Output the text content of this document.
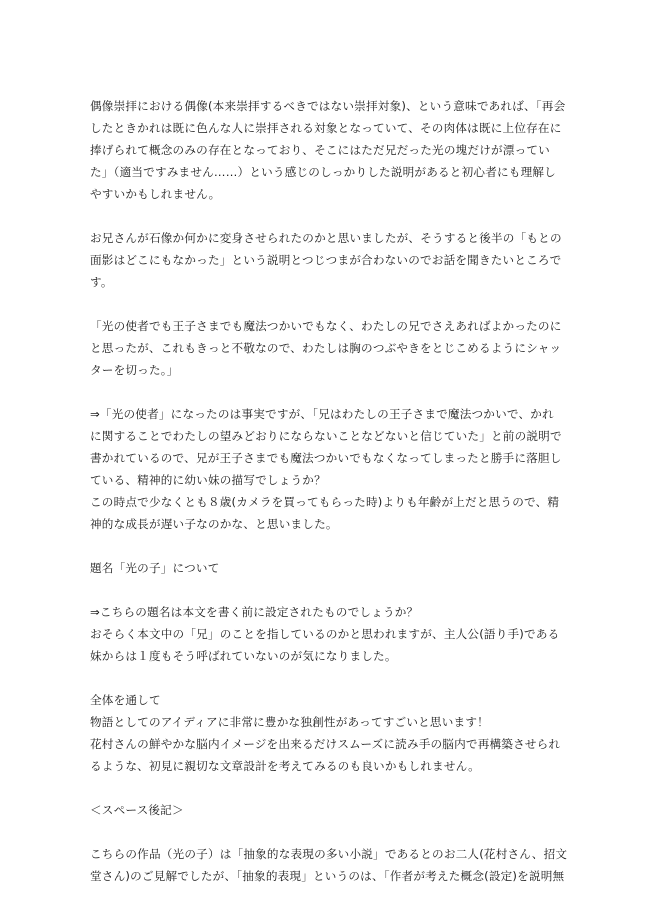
偶像崇拝における偶像(本来崇拝するべきではない崇拝対象)、という意味であれば、「再会
したときかれは既に色んな人に崇拝される対象となっていて、その肉体は既に上位存在に
捧げられて概念のみの存在となっており、そこにはただ兄だった光の塊だけが漂ってい
た」（適当ですみません……）という感じのしっかりした説明があると初心者にも理解し
やすいかもしれません。
お兄さんが石像か何かに変身させられたのかと思いましたが、そうすると後半の「もとの
面影はどこにもなかった」という説明とつじつまが合わないのでお話を聞きたいところで
す。
「光の使者でも王子さまでも魔法つかいでもなく、わたしの兄でさえあればよかったのに
と思ったが、これもきっと不敬なので、わたしは胸のつぶやきをとじこめるようにシャッ
ターを切った。」
⇒「光の使者」になったのは事実ですが、「兄はわたしの王子さまで魔法つかいで、かれ
に関することでわたしの望みどおりにならないことなどないと信じていた」と前の説明で
書かれているので、兄が王子さまでも魔法つかいでもなくなってしまったと勝手に落胆し
ている、精神的に幼い妹の描写でしょうか？
この時点で少なくとも８歳(カメラを買ってもらった時)よりも年齢が上だと思うので、精
神的な成長が遅い子なのかな、と思いました。
題名「光の子」について
⇒こちらの題名は本文を書く前に設定されたものでしょうか？
おそらく本文中の「兄」のことを指しているのかと思われますが、主人公(語り手)である
妹からは１度もそう呼ばれていないのが気になりました。
全体を通して
物語としてのアイディアに非常に豊かな独創性があってすごいと思います！
花村さんの鮮やかな脳内イメージを出来るだけスムーズに読み手の脳内で再構築させられ
るような、初見に親切な文章設計を考えてみるのも良いかもしれません。
＜スペース後記＞
こちらの作品（光の子）は「抽象的な表現の多い小説」であるとのお二人(花村さん、招文
堂さん)のご見解でしたが、「抽象的表現」というのは、「作者が考えた概念(設定)を説明無
